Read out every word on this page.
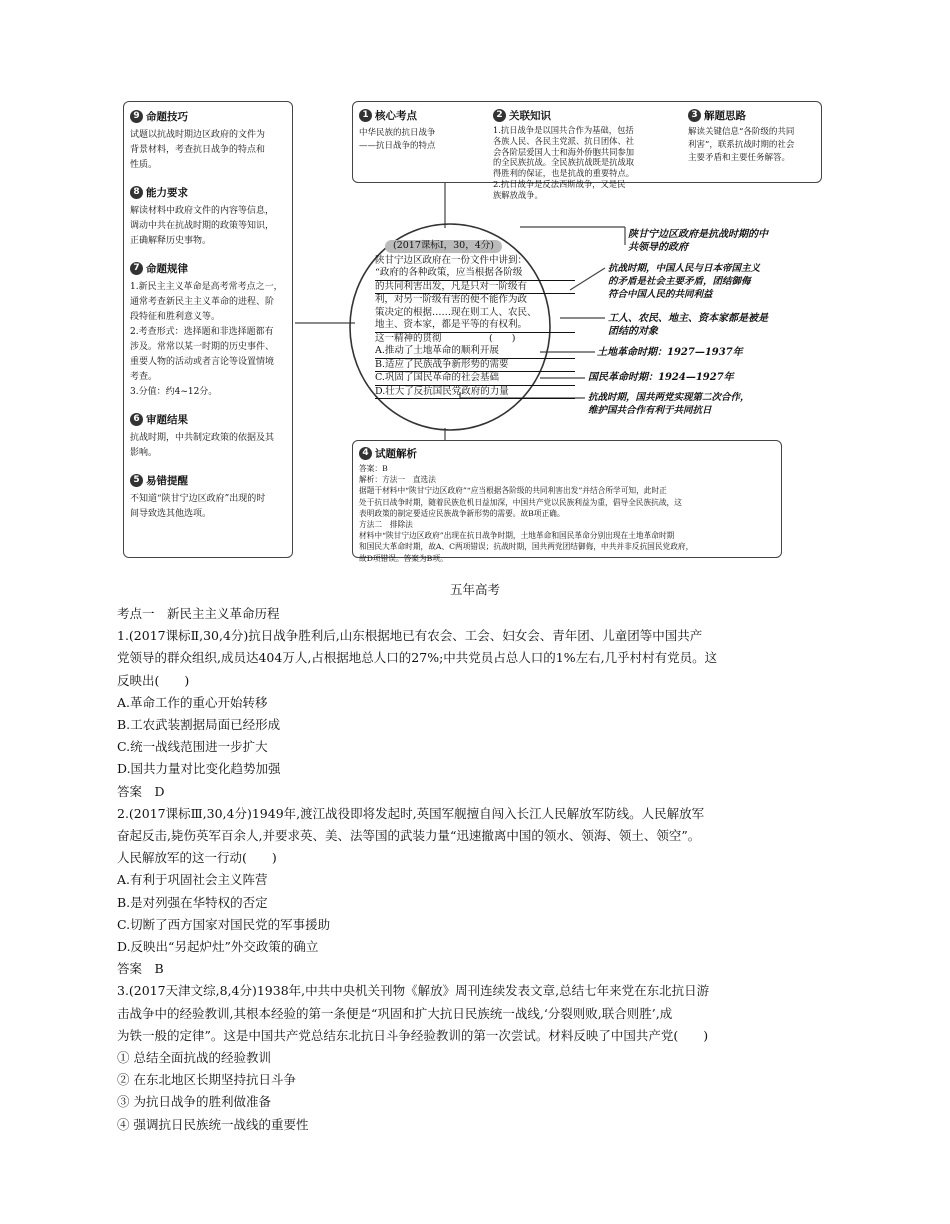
9 命题技巧

试题以抗战时期边区政府的文件为

背景材料，考查抗日战争的特点和

性质。

8 能力要求

解读材料中政府文件的内容等信息，

调动中共在抗战时期的政策等知识，

正确解释历史事物。

7 命题规律

1.新民主主义革命是高考常考点之一，

通常考查新民主主义革命的进程、阶

段特征和胜利意义等。

2.考查形式：选择题和非选择题都有

涉及。常常以某一时期的历史事件、

重要人物的活动或者言论等设置情境

考查。

3.分值：约4~12分。

6 审题结果

抗战时期，中共制定政策的依据及其

影响。

5 易错提醒

不知道“陕甘宁边区政府”出现的时

间导致选其他选项。

1 核心考点

中华民族的抗日战争

——抗日战争的特点

2 关联知识

1.抗日战争是以国共合作为基础，包括

各族人民、各民主党派、抗日团体、社

会各阶层爱国人士和海外侨胞共同参加

的全民族抗战。全民族抗战既是抗战取

得胜利的保证，也是抗战的重要特点。

2.抗日战争是反法西斯战争，又是民

族解放战争。

3 解题思路

解读关键信息“各阶级的共同

利害”，联系抗战时期的社会

主要矛盾和主要任务解答。

(2017课标Ⅰ，30，4分)

陕甘宁边区政府在一份文件中讲到：

“政府的各种政策，应当根据各阶级

的共同利害出发，凡是只对一阶级有

利，对另一阶级有害的便不能作为政

策决定的根据……现在则工人、农民、

地主、资本家，都是平等的有权利。

这一精神的贯彻　　　　　(　　)

A.推动了土地革命的顺利开展

B.适应了民族战争新形势的需要

C.巩固了国民革命的社会基础

D.壮大了反抗国民党政府的力量

陕甘宁边区政府是抗战时期的中
共领导的政府
抗战时期，中国人民与日本帝国主义
的矛盾是社会主要矛盾，团结御侮
符合中国人民的共同利益
工人、农民、地主、资本家都是被是
团结的对象
土地革命时期：1927—1937年
国民革命时期：1924—1927年
抗战时期，国共两党实现第二次合作，
维护国共合作有利于共同抗日
4 试题解析

答案：B

解析：方法一　直选法

据题干材料中“陕甘宁边区政府”“应当根据各阶级的共同利害出发”并结合所学可知，此时正

处于抗日战争时期，随着民族危机日益加深，中国共产党以民族利益为重，倡导全民族抗战，这

表明政策的制定要适应民族战争新形势的需要。故B项正确。

方法二　排除法

材料中“陕甘宁边区政府”出现在抗日战争时期，土地革命和国民革命分别出现在土地革命时期

和国民大革命时期，故A、C两项错误；抗战时期，国共两党团结御侮，中共并非反抗国民党政府，

故D项错误。答案为B项。

五年高考

考点一　新民主主义革命历程

1.(2017课标Ⅱ,30,4分)抗日战争胜利后,山东根据地已有农会、工会、妇女会、青年团、儿童团等中国共产

党领导的群众组织,成员达404万人,占根据地总人口的27%;中共党员占总人口的1%左右,几乎村村有党员。这

反映出(　　)

A.革命工作的重心开始转移

B.工农武装割据局面已经形成

C.统一战线范围进一步扩大

D.国共力量对比变化趋势加强

答案　D

2.(2017课标Ⅲ,30,4分)1949年,渡江战役即将发起时,英国军舰擅自闯入长江人民解放军防线。人民解放军

奋起反击,毙伤英军百余人,并要求英、美、法等国的武装力量“迅速撤离中国的领水、领海、领土、领空”。

人民解放军的这一行动(　　)

A.有利于巩固社会主义阵营

B.是对列强在华特权的否定

C.切断了西方国家对国民党的军事援助

D.反映出“另起炉灶”外交政策的确立

答案　B

3.(2017天津文综,8,4分)1938年,中共中央机关刊物《解放》周刊连续发表文章,总结七年来党在东北抗日游

击战争中的经验教训,其根本经验的第一条便是“巩固和扩大抗日民族统一战线,‘分裂则败,联合则胜’,成

为铁一般的定律”。这是中国共产党总结东北抗日斗争经验教训的第一次尝试。材料反映了中国共产党(　　)

① 总结全面抗战的经验教训

② 在东北地区长期坚持抗日斗争

③ 为抗日战争的胜利做准备

④ 强调抗日民族统一战线的重要性
